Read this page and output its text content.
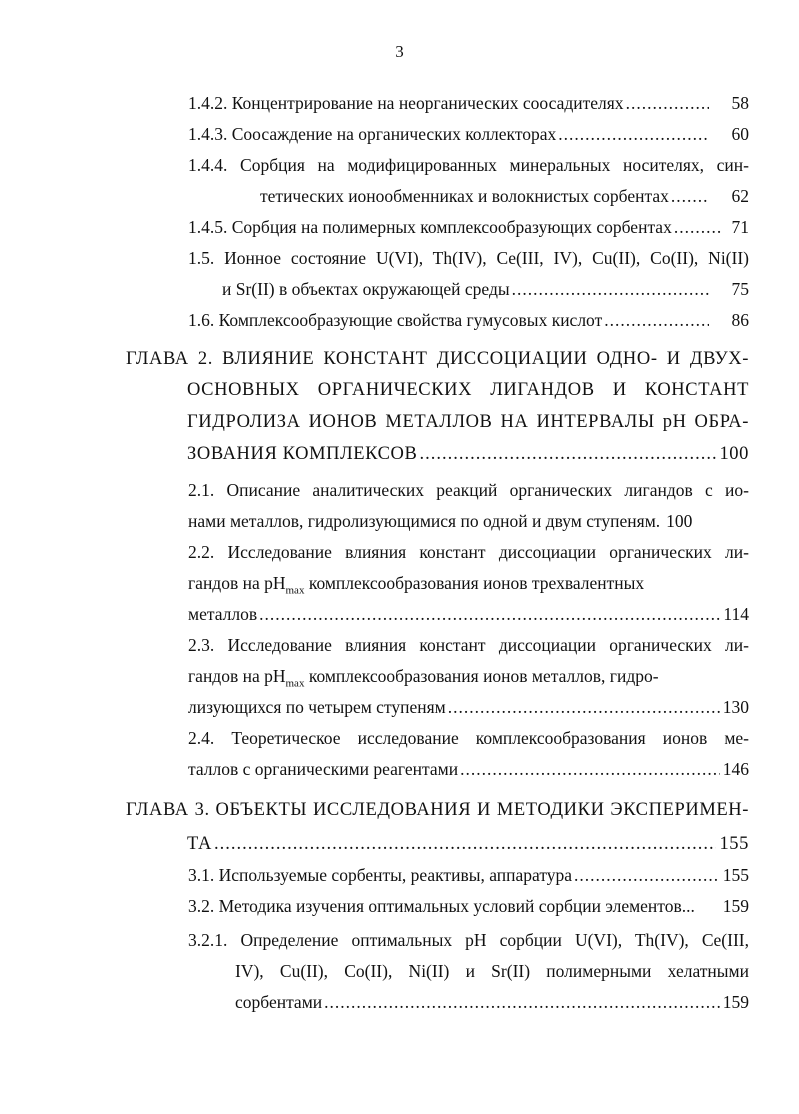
3
1.4.2. Концентрирование на неорганических соосадителях .....	58
1.4.3. Соосаждение на органических коллекторах .....	60
1.4.4. Сорбция на модифицированных минеральных носителях, син-
тетических ионообменниках и волокнистых сорбентах .....	62
1.4.5. Сорбция на полимерных комплексообразующих сорбентах .....	71
1.5. Ионное состояние U(VI), Th(IV), Ce(III, IV), Cu(II), Co(II), Ni(II)
и Sr(II) в объектах окружающей среды .....	75
1.6. Комплексообразующие свойства гумусовых кислот .....	86
ГЛАВА 2. ВЛИЯНИЕ КОНСТАНТ ДИССОЦИАЦИИ ОДНО- И ДВУХ-
ОСНОВНЫХ ОРГАНИЧЕСКИХ ЛИГАНДОВ И КОНСТАНТ
ГИДРОЛИЗА ИОНОВ МЕТАЛЛОВ НА ИНТЕРВАЛЫ pH ОБРА-
ЗОВАНИЯ КОМПЛЕКСОВ .....	100
2.1. Описание аналитических реакций органических лигандов с ио-
нами металлов, гидролизующимися по одной и двум ступеням. 100
2.2. Исследование влияния констант диссоциации органических ли-
гандов на $pH_{max}$ комплексообразования ионов трехвалентных
металлов .....	114
2.3. Исследование влияния констант диссоциации органических ли-
гандов на $pH_{max}$ комплексообразования ионов металлов, гидро-
лизующихся по четырем ступеням .....	130
2.4. Теоретическое исследование комплексообразования ионов ме-
таллов с органическими реагентами .....	146
ГЛАВА 3. ОБЪЕКТЫ ИССЛЕДОВАНИЯ И МЕТОДИКИ ЭКСПЕРИМЕН-
ТА .....	155
3.1. Используемые сорбенты, реактивы, аппаратура .....	155
3.2. Методика изучения оптимальных условий сорбции элементов... 159
3.2.1. Определение оптимальных pH сорбции U(VI), Th(IV), Ce(III,
IV), Cu(II), Co(II), Ni(II) и Sr(II) полимерными хелатными
сорбентами .....	159
